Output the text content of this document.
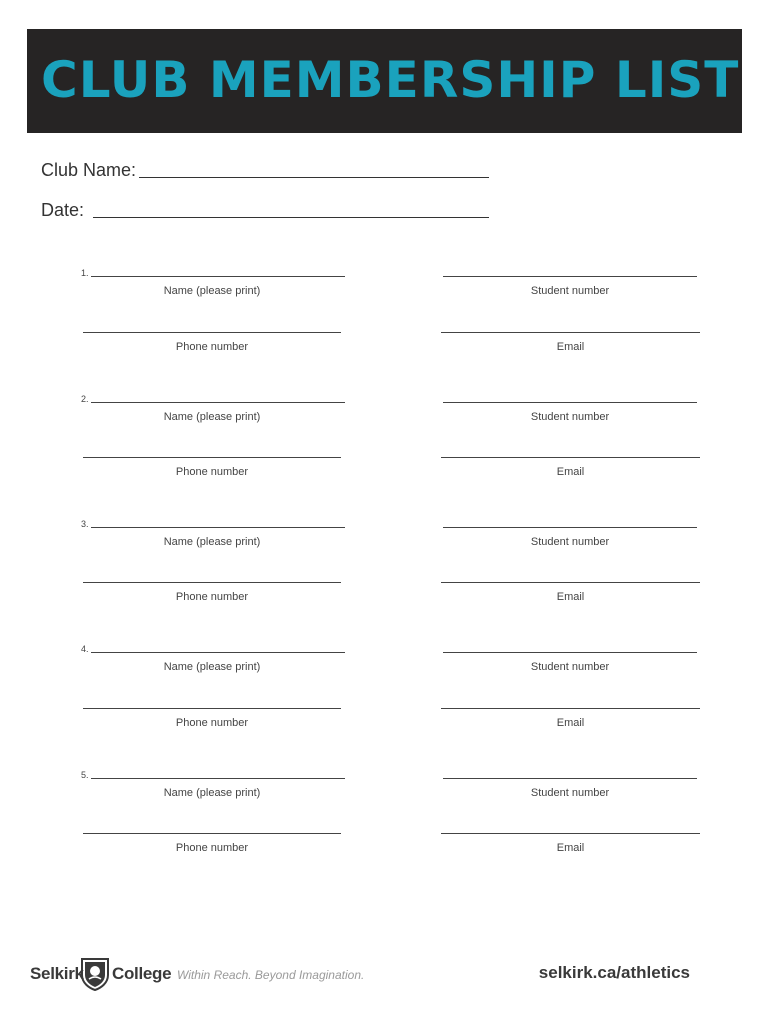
CLUB MEMBERSHIP LIST
Club Name:
Date:
1.
Name (please print)	Student number
Phone number	Email
2.
Name (please print)	Student number
Phone number	Email
3.
Name (please print)	Student number
Phone number	Email
4.
Name (please print)	Student number
Phone number	Email
5.
Name (please print)	Student number
Phone number	Email
Selkirk College Within Reach. Beyond Imagination.	selkirk.ca/athletics
